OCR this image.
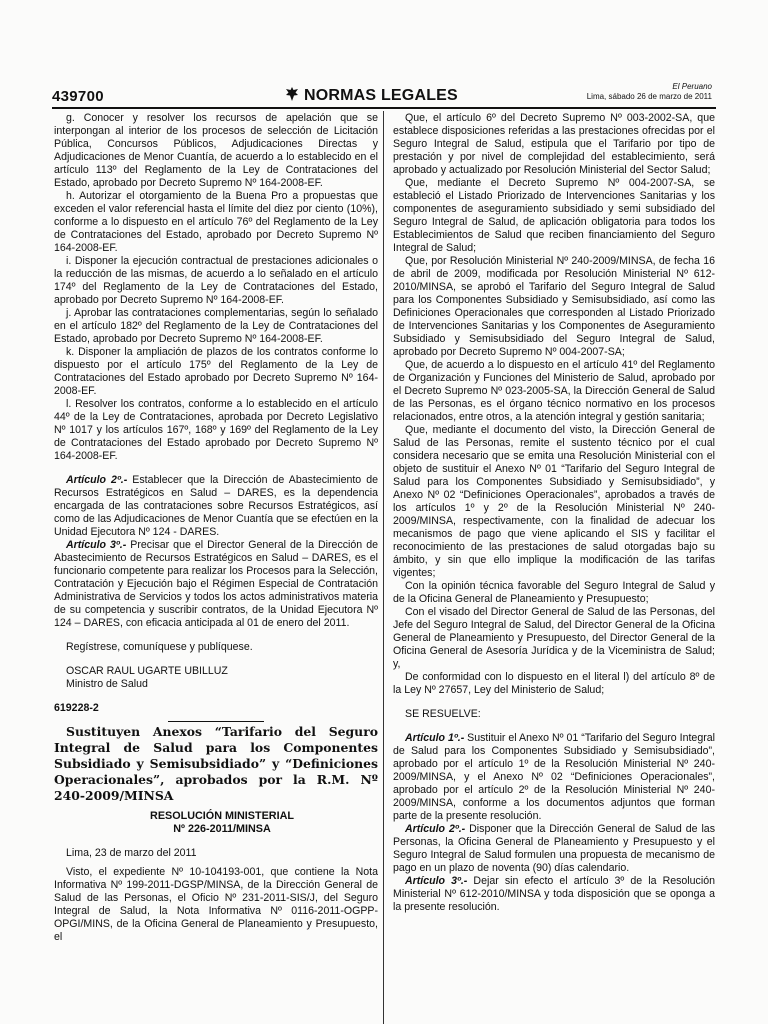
439700	NORMAS LEGALES
El Peruano
Lima, sábado 26 de marzo de 2011

g. Conocer y resolver los recursos de apelación que se interpongan al interior de los procesos de selección de Licitación Pública, Concursos Públicos, Adjudicaciones Directas y Adjudicaciones de Menor Cuantía, de acuerdo a lo establecido en el artículo 113º del Reglamento de la Ley de Contrataciones del Estado, aprobado por Decreto Supremo Nº 164-2008-EF.

h. Autorizar el otorgamiento de la Buena Pro a propuestas que exceden el valor referencial hasta el límite del diez por ciento (10%), conforme a lo dispuesto en el artículo 76º del Reglamento de la Ley de Contrataciones del Estado, aprobado por Decreto Supremo Nº 164-2008-EF.

i. Disponer la ejecución contractual de prestaciones adicionales o la reducción de las mismas, de acuerdo a lo señalado en el artículo 174º del Reglamento de la Ley de Contrataciones del Estado, aprobado por Decreto Supremo Nº 164-2008-EF.

j. Aprobar las contrataciones complementarias, según lo señalado en el artículo 182º del Reglamento de la Ley de Contrataciones del Estado, aprobado por Decreto Supremo Nº 164-2008-EF.

k. Disponer la ampliación de plazos de los contratos conforme lo dispuesto por el artículo 175º del Reglamento de la Ley de Contrataciones del Estado aprobado por Decreto Supremo Nº 164-2008-EF.

l. Resolver los contratos, conforme a lo establecido en el artículo 44º de la Ley de Contrataciones, aprobada por Decreto Legislativo Nº 1017 y los artículos 167º, 168º y 169º del Reglamento de la Ley de Contrataciones del Estado aprobado por Decreto Supremo Nº 164-2008-EF.

Artículo 2º.- Establecer que la Dirección de Abastecimiento de Recursos Estratégicos en Salud – DARES, es la dependencia encargada de las contrataciones sobre Recursos Estratégicos, así como de las Adjudicaciones de Menor Cuantía que se efectúen en la Unidad Ejecutora Nº 124 - DARES.

Artículo 3º.- Precisar que el Director General de la Dirección de Abastecimiento de Recursos Estratégicos en Salud – DARES, es el funcionario competente para realizar los Procesos para la Selección, Contratación y Ejecución bajo el Régimen Especial de Contratación Administrativa de Servicios y todos los actos administrativos materia de su competencia y suscribir contratos, de la Unidad Ejecutora Nº 124 – DARES, con eficacia anticipada al 01 de enero del 2011.

Regístrese, comuníquese y publíquese.

OSCAR RAUL UGARTE UBILLUZ

Ministro de Salud

619228-2

Sustituyen Anexos “Tarifario del Seguro Integral de Salud para los Componentes Subsidiado y Semisubsidiado” y “Definiciones Operacionales”, aprobados por la R.M. Nº 240-2009/MINSA

RESOLUCIÓN MINISTERIAL

Nº 226-2011/MINSA

Lima, 23 de marzo del 2011

Visto, el expediente Nº 10-104193-001, que contiene la Nota Informativa Nº 199-2011-DGSP/MINSA, de la Dirección General de Salud de las Personas, el Oficio Nº 231-2011-SIS/J, del Seguro Integral de Salud, la Nota Informativa Nº 0116-2011-OGPP-OPGI/MINS, de la Oficina General de Planeamiento y Presupuesto, el

Que, el artículo 6º del Decreto Supremo Nº 003-2002-SA, que establece disposiciones referidas a las prestaciones ofrecidas por el Seguro Integral de Salud, estipula que el Tarifario por tipo de prestación y por nivel de complejidad del establecimiento, será aprobado y actualizado por Resolución Ministerial del Sector Salud;

Que, mediante el Decreto Supremo Nº 004-2007-SA, se estableció el Listado Priorizado de Intervenciones Sanitarias y los componentes de aseguramiento subsidiado y semi subsidiado del Seguro Integral de Salud, de aplicación obligatoria para todos los Establecimientos de Salud que reciben financiamiento del Seguro Integral de Salud;

Que, por Resolución Ministerial Nº 240-2009/MINSA, de fecha 16 de abril de 2009, modificada por Resolución Ministerial Nº 612-2010/MINSA, se aprobó el Tarifario del Seguro Integral de Salud para los Componentes Subsidiado y Semisubsidiado, así como las Definiciones Operacionales que corresponden al Listado Priorizado de Intervenciones Sanitarias y los Componentes de Aseguramiento Subsidiado y Semisubsidiado del Seguro Integral de Salud, aprobado por Decreto Supremo Nº 004-2007-SA;

Que, de acuerdo a lo dispuesto en el artículo 41º del Reglamento de Organización y Funciones del Ministerio de Salud, aprobado por el Decreto Supremo Nº 023-2005-SA, la Dirección General de Salud de las Personas, es el órgano técnico normativo en los procesos relacionados, entre otros, a la atención integral y gestión sanitaria;

Que, mediante el documento del visto, la Dirección General de Salud de las Personas, remite el sustento técnico por el cual considera necesario que se emita una Resolución Ministerial con el objeto de sustituir el Anexo Nº 01 “Tarifario del Seguro Integral de Salud para los Componentes Subsidiado y Semisubsidiado”, y Anexo Nº 02 “Definiciones Operacionales”, aprobados a través de los artículos 1º y 2º de la Resolución Ministerial Nº 240-2009/MINSA, respectivamente, con la finalidad de adecuar los mecanismos de pago que viene aplicando el SIS y facilitar el reconocimiento de las prestaciones de salud otorgadas bajo su ámbito, y sin que ello implique la modificación de las tarifas vigentes;

Con la opinión técnica favorable del Seguro Integral de Salud y de la Oficina General de Planeamiento y Presupuesto;

Con el visado del Director General de Salud de las Personas, del Jefe del Seguro Integral de Salud, del Director General de la Oficina General de Planeamiento y Presupuesto, del Director General de la Oficina General de Asesoría Jurídica y de la Viceministra de Salud; y,

De conformidad con lo dispuesto en el literal l) del artículo 8º de la Ley Nº 27657, Ley del Ministerio de Salud;

SE RESUELVE:

Artículo 1º.- Sustituir el Anexo Nº 01 “Tarifario del Seguro Integral de Salud para los Componentes Subsidiado y Semisubsidiado”, aprobado por el artículo 1º de la Resolución Ministerial Nº 240-2009/MINSA, y el Anexo Nº 02 “Definiciones Operacionales”, aprobado por el artículo 2º de la Resolución Ministerial Nº 240-2009/MINSA, conforme a los documentos adjuntos que forman parte de la presente resolución.

Artículo 2º.- Disponer que la Dirección General de Salud de las Personas, la Oficina General de Planeamiento y Presupuesto y el Seguro Integral de Salud formulen una propuesta de mecanismo de pago en un plazo de noventa (90) días calendario.

Artículo 3º.- Dejar sin efecto el artículo 3º de la Resolución Ministerial Nº 612-2010/MINSA y toda disposición que se oponga a la presente resolución.
